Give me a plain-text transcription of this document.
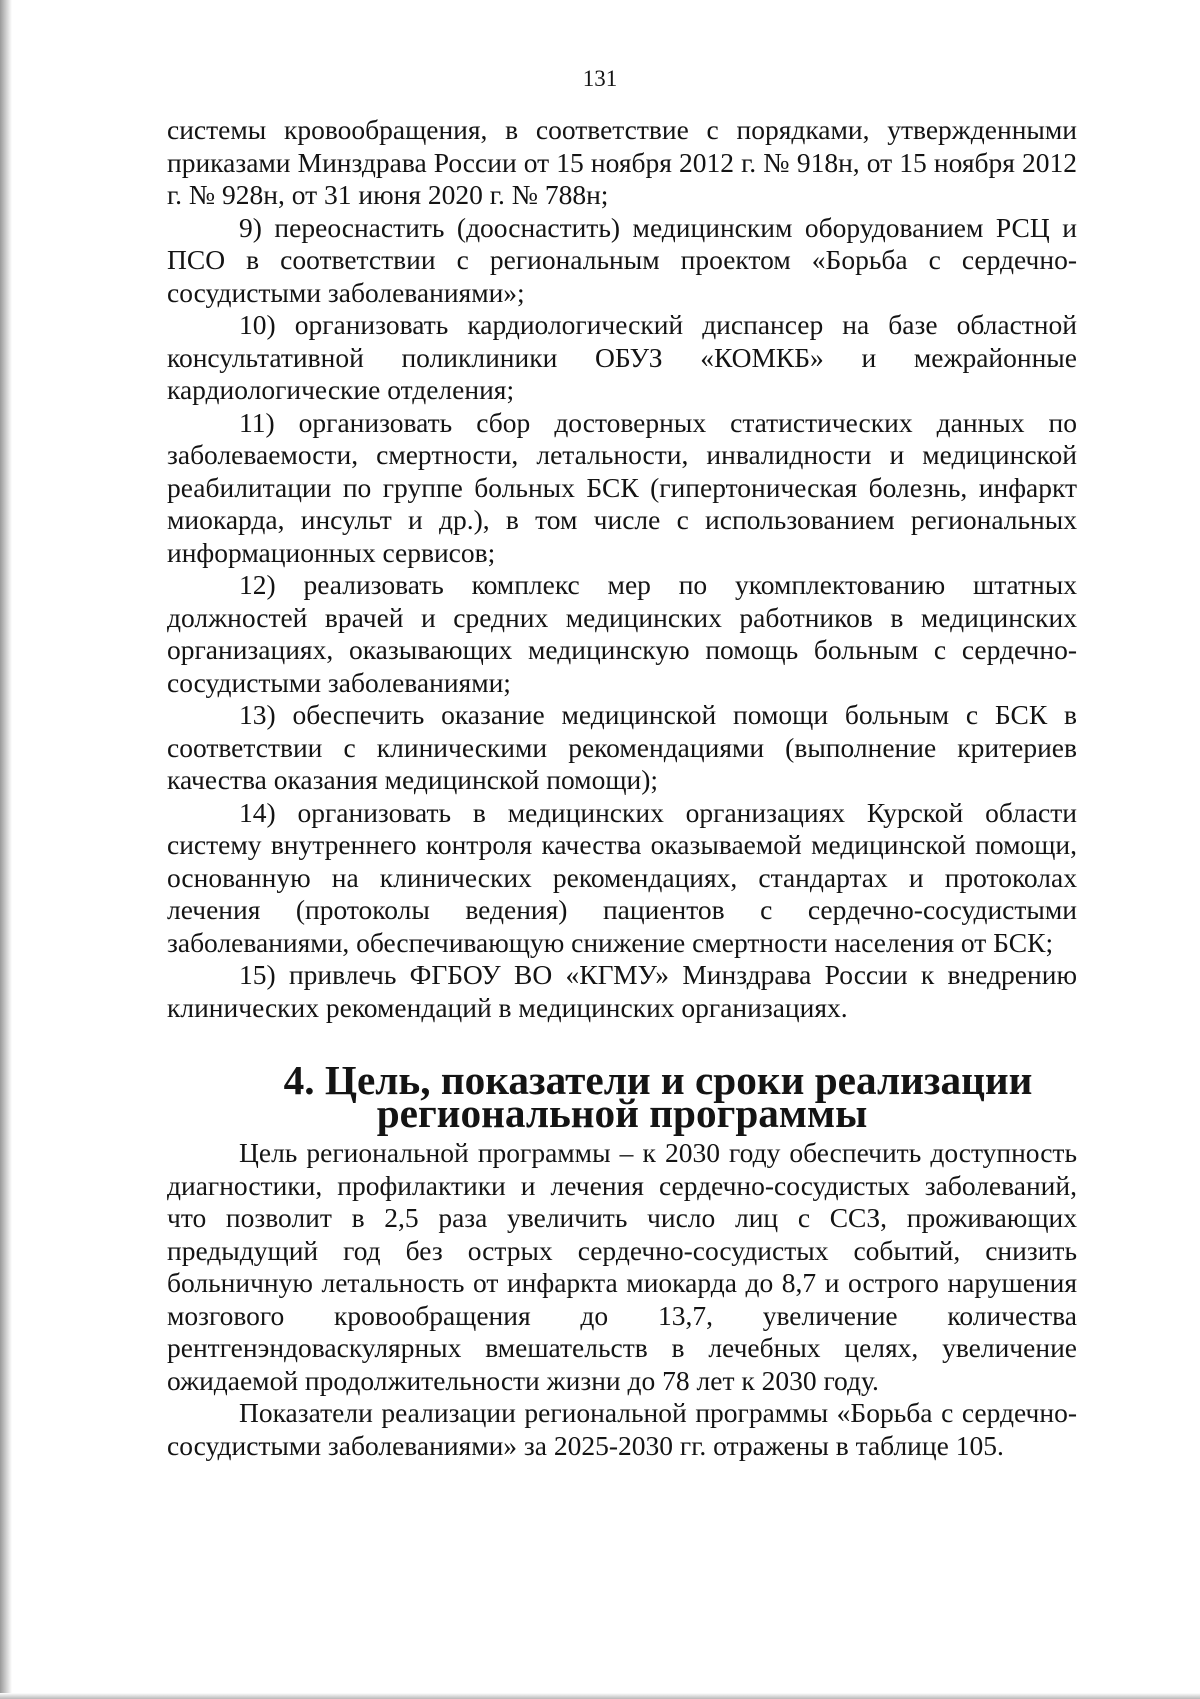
131

системы кровообращения, в соответствие с порядками, утвержденными приказами Минздрава России от 15 ноября 2012 г. № 918н, от 15 ноября 2012 г. № 928н, от 31 июня 2020 г. № 788н;

9) переоснастить (дооснастить) медицинским оборудованием РСЦ и ПСО в соответствии с региональным проектом «Борьба с сердечно-сосудистыми заболеваниями»;

10) организовать кардиологический диспансер на базе областной консультативной поликлиники ОБУЗ «КОМКБ» и межрайонные кардиологические отделения;

11) организовать сбор достоверных статистических данных по заболеваемости, смертности, летальности, инвалидности и медицинской реабилитации по группе больных БСК (гипертоническая болезнь, инфаркт миокарда, инсульт и др.), в том числе с использованием региональных информационных сервисов;

12) реализовать комплекс мер по укомплектованию штатных должностей врачей и средних медицинских работников в медицинских организациях, оказывающих медицинскую помощь больным с сердечно-сосудистыми заболеваниями;

13) обеспечить оказание медицинской помощи больным с БСК в соответствии с клиническими рекомендациями (выполнение критериев качества оказания медицинской помощи);

14) организовать в медицинских организациях Курской области систему внутреннего контроля качества оказываемой медицинской помощи, основанную на клинических рекомендациях, стандартах и протоколах лечения (протоколы ведения) пациентов с сердечно-сосудистыми заболеваниями, обеспечивающую снижение смертности населения от БСК;

15) привлечь ФГБОУ ВО «КГМУ» Минздрава России к внедрению клинических рекомендаций в медицинских организациях.

4. Цель, показатели и сроки реализации региональной программы

Цель региональной программы – к 2030 году обеспечить доступность диагностики, профилактики и лечения сердечно-сосудистых заболеваний, что позволит в 2,5 раза увеличить число лиц с ССЗ, проживающих предыдущий год без острых сердечно-сосудистых событий, снизить больничную летальность от инфаркта миокарда до 8,7 и острого нарушения мозгового кровообращения до 13,7, увеличение количества рентгенэндоваскулярных вмешательств в лечебных целях, увеличение ожидаемой продолжительности жизни до 78 лет к 2030 году.

Показатели реализации региональной программы «Борьба с сердечно-сосудистыми заболеваниями» за 2025-2030 гг. отражены в таблице 105.
